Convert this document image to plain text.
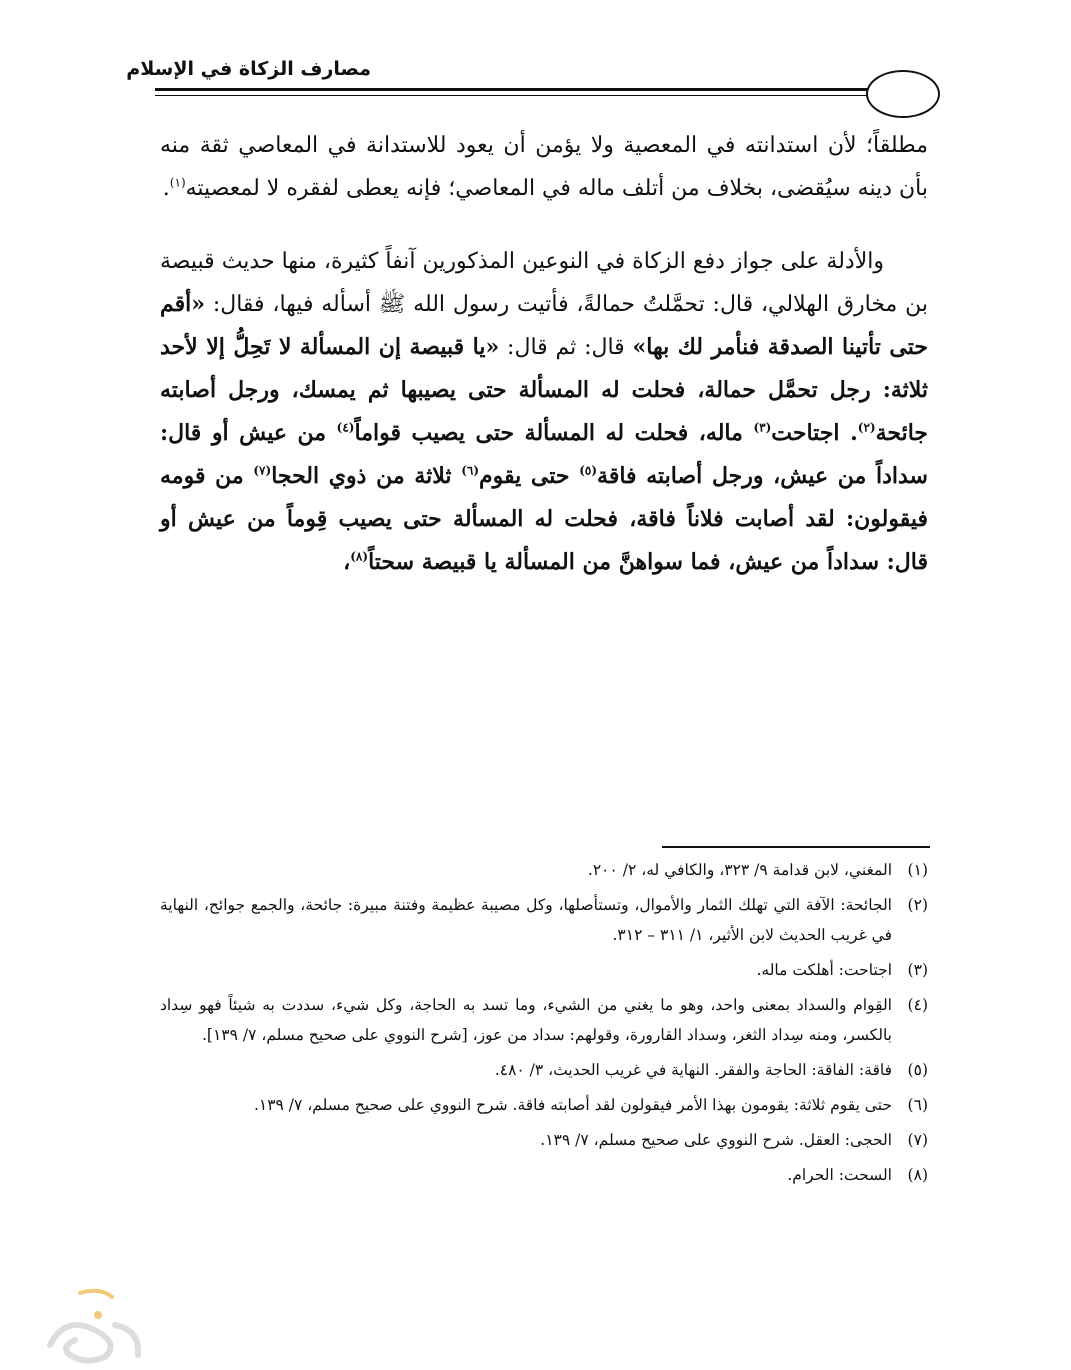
مصارف الزكاة في الإسلام

مطلقاً؛ لأن استدانته في المعصية ولا يؤمن أن يعود للاستدانة في المعاصي ثقة منه بأن دينه سيُقضى، بخلاف من أتلف ماله في المعاصي؛ فإنه يعطى لفقره لا لمعصيته$^{(١)}$.

والأدلة على جواز دفع الزكاة في النوعين المذكورين آنفاً كثيرة، منها حديث قبيصة بن مخارق الهلالي، قال: تحمَّلتُ حمالةً، فأتيت رسول الله ﷺ أسأله فيها، فقال: «أقم حتى تأتينا الصدقة فنأمر لك بها» قال: ثم قال: «يا قبيصة إن المسألة لا تَحِلُّ إلا لأحد ثلاثة: رجل تحمَّل حمالة، فحلت له المسألة حتى يصيبها ثم يمسك، ورجل أصابته جائحة$^{(٢)}$. اجتاحت$^{(٣)}$ ماله، فحلت له المسألة حتى يصيب قواماً$^{(٤)}$ من عيش أو قال: سداداً من عيش، ورجل أصابته فاقة$^{(٥)}$ حتى يقوم$^{(٦)}$ ثلاثة من ذوي الحجا$^{(٧)}$ من قومه فيقولون: لقد أصابت فلاناً فاقة، فحلت له المسألة حتى يصيب قِوماً من عيش أو قال: سداداً من عيش، فما سواهنَّ من المسألة يا قبيصة سحتاً$^{(٨)}$،

(١)المغني، لابن قدامة ٩/ ٣٢٣، والكافي له، ٢/ ٢٠٠.

(٢)الجائحة: الآفة التي تهلك الثمار والأموال، وتستأصلها، وكل مصيبة عظيمة وفتنة مبيرة: جائحة، والجمع جوائح، النهاية في غريب الحديث لابن الأثير، ١/ ٣١١ – ٣١٢.

(٣)اجتاحت: أهلكت ماله.

(٤)القِوام والسداد بمعنى واحد، وهو ما يغني من الشيء، وما تسد به الحاجة، وكل شيء، سددت به شيئاً فهو سِداد بالكسر، ومنه سِداد الثغر، وسداد القارورة، وقولهم: سداد من عوز، [شرح النووي على صحيح مسلم، ٧/ ١٣٩].

(٥)فاقة: الفاقة: الحاجة والفقر. النهاية في غريب الحديث، ٣/ ٤٨٠.

(٦)حتى يقوم ثلاثة: يقومون بهذا الأمر فيقولون لقد أصابته فاقة. شرح النووي على صحيح مسلم، ٧/ ١٣٩.

(٧)الحجى: العقل. شرح النووي على صحيح مسلم، ٧/ ١٣٩.

(٨)السحت: الحرام.
